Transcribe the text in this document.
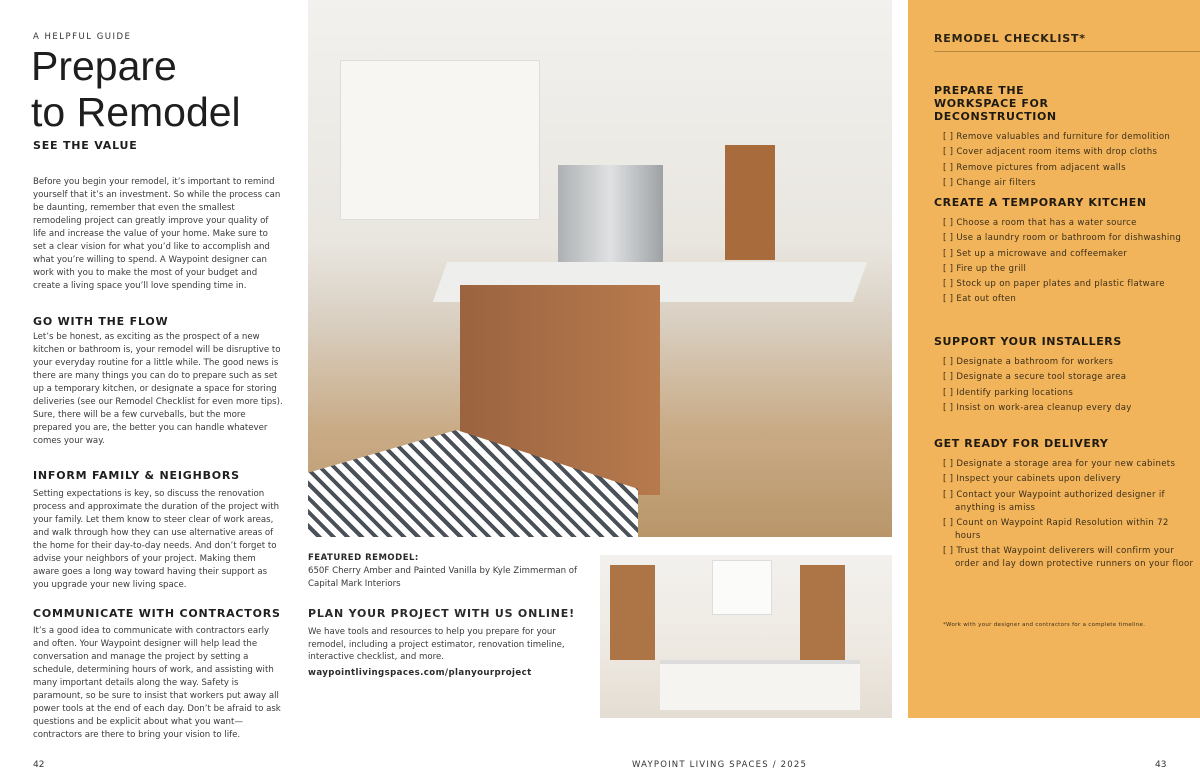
A HELPFUL GUIDE
Prepare
to Remodel
SEE THE VALUE

Before you begin your remodel, it’s important to remind yourself that it’s an investment. So while the process can be daunting, remember that even the smallest remodeling project can greatly improve your quality of life and increase the value of your home. Make sure to set a clear vision for what you’d like to accomplish and what you’re willing to spend. A Waypoint designer can work with you to make the most of your budget and create a living space you’ll love spending time in.

GO WITH THE FLOW

Let’s be honest, as exciting as the prospect of a new kitchen or bathroom is, your remodel will be disruptive to your everyday routine for a little while. The good news is there are many things you can do to prepare such as set up a temporary kitchen, or designate a space for storing deliveries (see our Remodel Checklist for even more tips). Sure, there will be a few curveballs, but the more prepared you are, the better you can handle whatever comes your way.

INFORM FAMILY & NEIGHBORS

Setting expectations is key, so discuss the renovation process and approximate the duration of the project with your family. Let them know to steer clear of work areas, and walk through how they can use alternative areas of the home for their day-to-day needs. And don’t forget to advise your neighbors of your project. Making them aware goes a long way toward having their support as you upgrade your new living space.

COMMUNICATE WITH CONTRACTORS

It’s a good idea to communicate with contractors early and often. Your Waypoint designer will help lead the conversation and manage the project by setting a schedule, determining hours of work, and assisting with many important details along the way. Safety is paramount, so be sure to insist that workers put away all power tools at the end of each day. Don’t be afraid to ask questions and be explicit about what you want—contractors are there to bring your vision to life.

FEATURED REMODEL:

650F Cherry Amber and Painted Vanilla by Kyle Zimmerman of Capital Mark Interiors

PLAN YOUR PROJECT WITH US ONLINE!

We have tools and resources to help you prepare for your remodel, including a project estimator, renovation timeline, interactive checklist, and more.

waypointlivingspaces.com/planyourproject
REMODEL CHECKLIST*
PREPARE THE WORKSPACE FOR DECONSTRUCTION
[ ] Remove valuables and furniture for demolition
[ ] Cover adjacent room items with drop cloths
[ ] Remove pictures from adjacent walls
[ ] Change air filters
CREATE A TEMPORARY KITCHEN
[ ] Choose a room that has a water source
[ ] Use a laundry room or bathroom for dishwashing
[ ] Set up a microwave and coffeemaker
[ ] Fire up the grill
[ ] Stock up on paper plates and plastic flatware
[ ] Eat out often
SUPPORT YOUR INSTALLERS
[ ] Designate a bathroom for workers
[ ] Designate a secure tool storage area
[ ] Identify parking locations
[ ] Insist on work-area cleanup every day
GET READY FOR DELIVERY
[ ] Designate a storage area for your new cabinets
[ ] Inspect your cabinets upon delivery
[ ] Contact your Waypoint authorized designer if anything is amiss
[ ] Count on Waypoint Rapid Resolution within 72 hours
[ ] Trust that Waypoint deliverers will confirm your order and lay down protective runners on your floor
*Work with your designer and contractors for a complete timeline.
42	WAYPOINT LIVING SPACES / 2025	43
